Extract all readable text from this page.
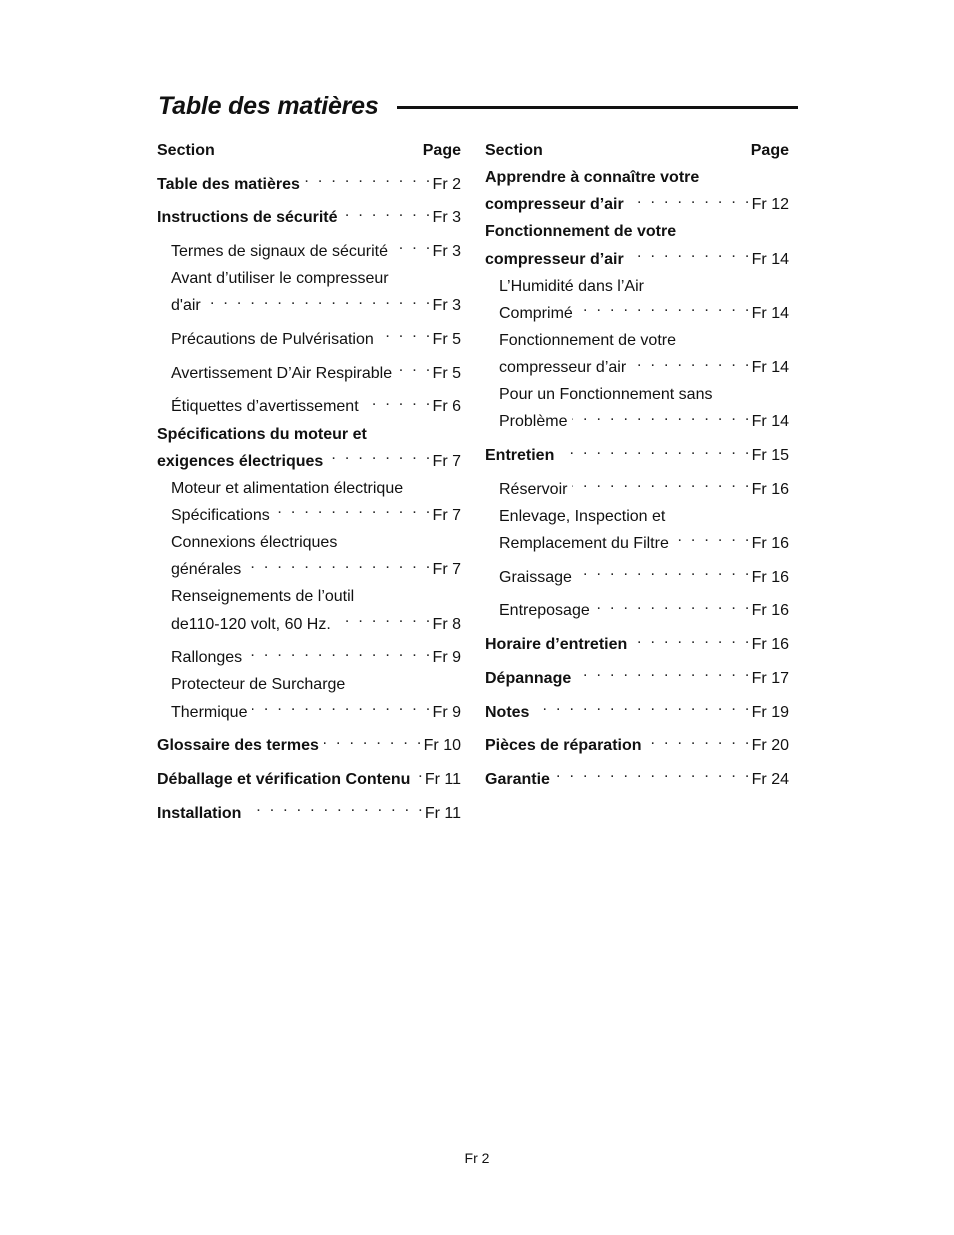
Table des matières
Section	Page
Table des matières . . .	Fr 2
Instructions de sécurité . . .	Fr 3
Termes de signaux de sécurité . . .	Fr 3
Avant d’utiliser le compresseur
d'air . . .	Fr 3
Précautions de Pulvérisation . . .	Fr 5
Avertissement D’Air Respirable . . .	Fr 5
Étiquettes d’avertissement . . .	Fr 6
Spécifications du moteur et
exigences électriques . . .	Fr 7
Moteur et alimentation électrique
Spécifications . . .	Fr 7
Connexions électriques
générales . . .	Fr 7
Renseignements de l’outil
de110-120 volt, 60 Hz. . . .	Fr 8
Rallonges . . .	Fr 9
Protecteur de Surcharge
Thermique . . .	Fr 9
Glossaire des termes . . .	Fr 10
Déballage et vérification Contenu . . . Fr 11
Installation . . .	Fr 11
Section	Page
Apprendre à connaître votre
compresseur d’air . . .	Fr 12
Fonctionnement de votre
compresseur d’air . . .	Fr 14
L’Humidité dans l’Air
Comprimé . . .	Fr 14
Fonctionnement de votre
compresseur d’air . . .	Fr 14
Pour un Fonctionnement sans
Problème . . .	Fr 14
Entretien . . .	Fr 15
Réservoir . . .	Fr 16
Enlevage, Inspection et
Remplacement du Filtre . . .	Fr 16
Graissage . . .	Fr 16
Entreposage . . .	Fr 16
Horaire d’entretien . . .	Fr 16
Dépannage . . .	Fr 17
Notes . . .	Fr 19
Pièces de réparation . . .	Fr 20
Garantie . . .	Fr 24
Fr 2
